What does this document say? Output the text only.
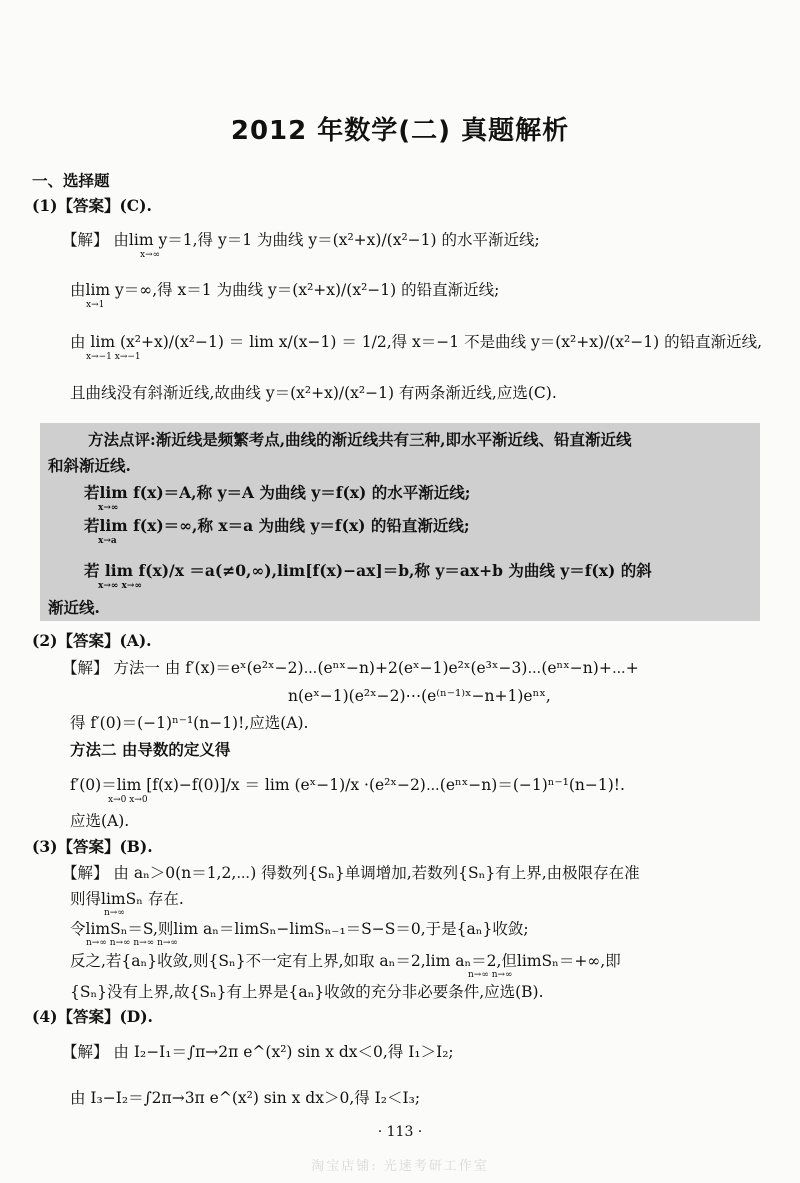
2012 年数学(二) 真题解析
一、选择题
(1)【答案】(C).
【解】 由lim y＝1,得 y＝1 为曲线 y＝(x²+x)/(x²−1) 的水平渐近线;
x→∞
由lim y＝∞,得 x＝1 为曲线 y＝(x²+x)/(x²−1) 的铅直渐近线;
x→1
由 lim (x²+x)/(x²−1) ＝ lim x/(x−1) ＝ 1/2,得 x＝−1 不是曲线 y＝(x²+x)/(x²−1) 的铅直渐近线,
x→−1 x→−1
且曲线没有斜渐近线,故曲线 y＝(x²+x)/(x²−1) 有两条渐近线,应选(C).
方法点评:渐近线是频繁考点,曲线的渐近线共有三种,即水平渐近线、铅直渐近线
和斜渐近线.
若lim f(x)＝A,称 y＝A 为曲线 y＝f(x) 的水平渐近线;
x→∞
若lim f(x)＝∞,称 x＝a 为曲线 y＝f(x) 的铅直渐近线;
x→a
若 lim f(x)/x ＝a(≠0,∞),lim[f(x)−ax]＝b,称 y＝ax+b 为曲线 y＝f(x) 的斜
x→∞ x→∞
渐近线.
(2)【答案】(A).
【解】 方法一 由 f′(x)＝eˣ(e²ˣ−2)⋯(eⁿˣ−n)+2(eˣ−1)e²ˣ(e³ˣ−3)⋯(eⁿˣ−n)+⋯+
n(eˣ−1)(e²ˣ−2)⋯(e⁽ⁿ⁻¹⁾ˣ−n+1)eⁿˣ,
得 f′(0)＝(−1)ⁿ⁻¹(n−1)!,应选(A).
方法二 由导数的定义得
f′(0)＝lim [f(x)−f(0)]/x ＝ lim (eˣ−1)/x ·(e²ˣ−2)⋯(eⁿˣ−n)＝(−1)ⁿ⁻¹(n−1)!.
x→0 x→0
应选(A).
(3)【答案】(B).
【解】 由 aₙ＞0(n＝1,2,⋯) 得数列{Sₙ}单调增加,若数列{Sₙ}有上界,由极限存在准
则得limSₙ 存在.
n→∞
令limSₙ＝S,则lim aₙ＝limSₙ−limSₙ₋₁＝S−S＝0,于是{aₙ}收敛;
n→∞ n→∞ n→∞ n→∞
反之,若{aₙ}收敛,则{Sₙ}不一定有上界,如取 aₙ＝2,lim aₙ＝2,但limSₙ＝+∞,即
n→∞ n→∞
{Sₙ}没有上界,故{Sₙ}有上界是{aₙ}收敛的充分非必要条件,应选(B).
(4)【答案】(D).
【解】 由 I₂−I₁＝∫π→2π e^(x²) sin x dx＜0,得 I₁＞I₂;
由 I₃−I₂＝∫2π→3π e^(x²) sin x dx＞0,得 I₂＜I₃;
· 113 ·
淘宝店铺: 光速考研工作室
